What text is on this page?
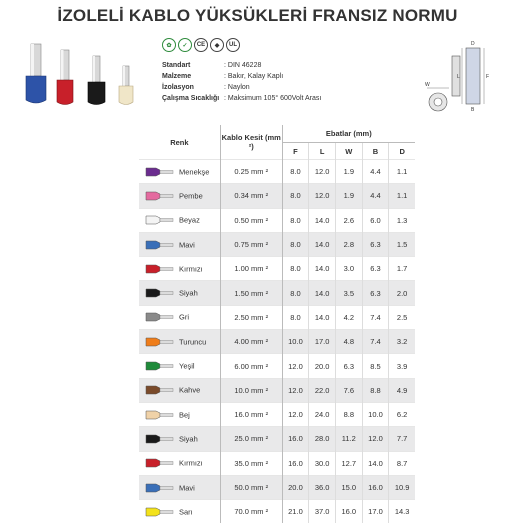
İZOLELİ KABLO YÜKSÜKLERİ FRANSIZ NORMU
✿	✓	CE	◆	UL
Standart	: DIN 46228
Malzeme	: Bakır, Kalay Kaplı
İzolasyon	: Naylon
Çalışma Sıcaklığı : Maksimum 105° 600Volt Arası
L	F
D
B
W
Renk	Kablo Kesit (mm ²)	Ebatlar (mm)				
		F	L	W	B	D
Menekşe	0.25 mm ²	8.0	12.0	1.9	4.4	1.1
Pembe	0.34 mm ²	8.0	12.0	1.9	4.4	1.1
Beyaz	0.50 mm ²	8.0	14.0	2.6	6.0	1.3
Mavi	0.75 mm ²	8.0	14.0	2.8	6.3	1.5
Kırmızı	1.00 mm ²	8.0	14.0	3.0	6.3	1.7
Siyah	1.50 mm ²	8.0	14.0	3.5	6.3	2.0
Gri	2.50 mm ²	8.0	14.0	4.2	7.4	2.5
Turuncu	4.00 mm ²	10.0	17.0	4.8	7.4	3.2
Yeşil	6.00 mm ²	12.0	20.0	6.3	8.5	3.9
Kahve	10.0 mm ²	12.0	22.0	7.6	8.8	4.9
Bej	16.0 mm ²	12.0	24.0	8.8	10.0	6.2
Siyah	25.0 mm ²	16.0	28.0	11.2	12.0	7.7
Kırmızı	35.0 mm ²	16.0	30.0	12.7	14.0	8.7
Mavi	50.0 mm ²	20.0	36.0	15.0	16.0	10.9
Sarı	70.0 mm ²	21.0	37.0	16.0	17.0	14.3
